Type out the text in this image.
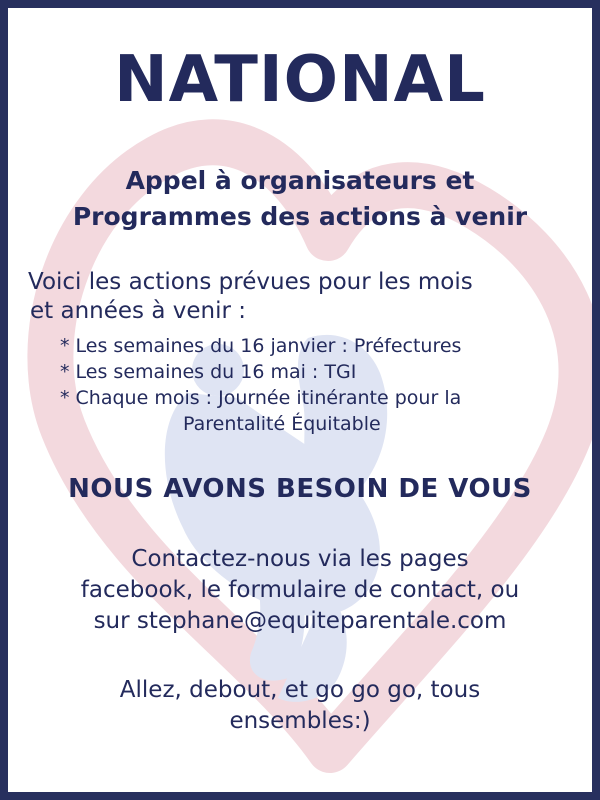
NATIONAL
Appel à organisateurs et
Programmes des actions à venir
Voici les actions prévues pour les mois
et années à venir :
* Les semaines du 16 janvier : Préfectures
* Les semaines du 16 mai : TGI
* Chaque mois : Journée itinérante pour la
Parentalité Équitable
NOUS AVONS BESOIN DE VOUS
Contactez-nous via les pages
facebook, le formulaire de contact, ou
sur stephane@equiteparentale.com
Allez, debout, et go go go, tous
ensembles:)
